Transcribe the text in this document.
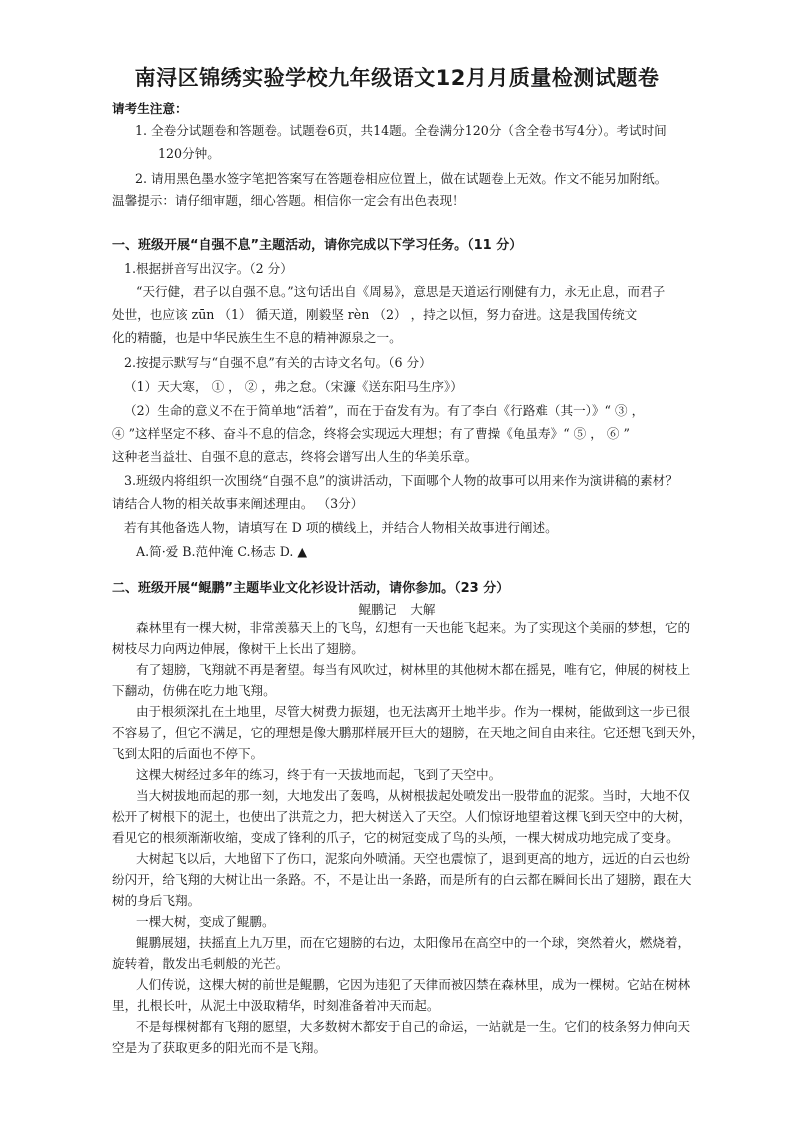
南浔区锦绣实验学校九年级语文12月月质量检测试题卷
请考生注意：
1. 全卷分试题卷和答题卷。试题卷6页，共14题。全卷满分120分（含全卷书写4分）。考试时间
120分钟。
2. 请用黑色墨水签字笔把答案写在答题卷相应位置上，做在试题卷上无效。作文不能另加附纸。
温馨提示：请仔细审题，细心答题。相信你一定会有出色表现！
一、班级开展“自强不息”主题活动，请你完成以下学习任务。（11 分）
1.根据拼音写出汉字。（2 分）
“天行健，君子以自强不息。”这句话出自《周易》，意思是天道运行刚健有力，永无止息，而君子
处世，也应该 zūn （1） 循天道，刚毅坚 rèn （2） ，持之以恒，努力奋进。这是我国传统文
化的精髓，也是中华民族生生不息的精神源泉之一。
2.按提示默写与“自强不息”有关的古诗文名句。（6 分）
（1）天大寒， ① ， ② ，弗之怠。（宋濂《送东阳马生序》）
（2）生命的意义不在于简单地“活着”，而在于奋发有为。有了李白《行路难（其一）》“ ③ ，
④ ”这样坚定不移、奋斗不息的信念，终将会实现远大理想；有了曹操《龟虽寿》“ ⑤ ， ⑥ ”
这种老当益壮、自强不息的意志，终将会谱写出人生的华美乐章。
3.班级内将组织一次围绕“自强不息”的演讲活动，下面哪个人物的故事可以用来作为演讲稿的素材？
请结合人物的相关故事来阐述理由。 （3分）
若有其他备选人物，请填写在 D 项的横线上，并结合人物相关故事进行阐述。
A.简·爱 B.范仲淹 C.杨志 D. ▲
二、班级开展“鲲鹏”主题毕业文化衫设计活动，请你参加。（23 分）
鲲鹏记 大解
森林里有一棵大树，非常羡慕天上的飞鸟，幻想有一天也能飞起来。为了实现这个美丽的梦想，它的
树枝尽力向两边伸展，像树干上长出了翅膀。
有了翅膀，飞翔就不再是奢望。每当有风吹过，树林里的其他树木都在摇晃，唯有它，伸展的树枝上
下翻动，仿佛在吃力地飞翔。
由于根须深扎在土地里，尽管大树费力振翅，也无法离开土地半步。作为一棵树，能做到这一步已很
不容易了，但它不满足，它的理想是像大鹏那样展开巨大的翅膀，在天地之间自由来往。它还想飞到天外，
飞到太阳的后面也不停下。
这棵大树经过多年的练习，终于有一天拔地而起，飞到了天空中。
当大树拔地而起的那一刻，大地发出了轰鸣，从树根拔起处喷发出一股带血的泥浆。当时，大地不仅
松开了树根下的泥土，也使出了洪荒之力，把大树送入了天空。人们惊讶地望着这棵飞到天空中的大树，
看见它的根须渐渐收缩，变成了锋利的爪子，它的树冠变成了鸟的头颅，一棵大树成功地完成了变身。
大树起飞以后，大地留下了伤口，泥浆向外喷涌。天空也震惊了，退到更高的地方，远近的白云也纷
纷闪开，给飞翔的大树让出一条路。不，不是让出一条路，而是所有的白云都在瞬间长出了翅膀，跟在大
树的身后飞翔。
一棵大树，变成了鲲鹏。
鲲鹏展翅，扶摇直上九万里，而在它翅膀的右边，太阳像吊在高空中的一个球，突然着火，燃烧着，
旋转着，散发出毛刺般的光芒。
人们传说，这棵大树的前世是鲲鹏，它因为违犯了天律而被囚禁在森林里，成为一棵树。它站在树林
里，扎根长叶，从泥土中汲取精华，时刻准备着冲天而起。
不是每棵树都有飞翔的愿望，大多数树木都安于自己的命运，一站就是一生。它们的枝条努力伸向天
空是为了获取更多的阳光而不是飞翔。
